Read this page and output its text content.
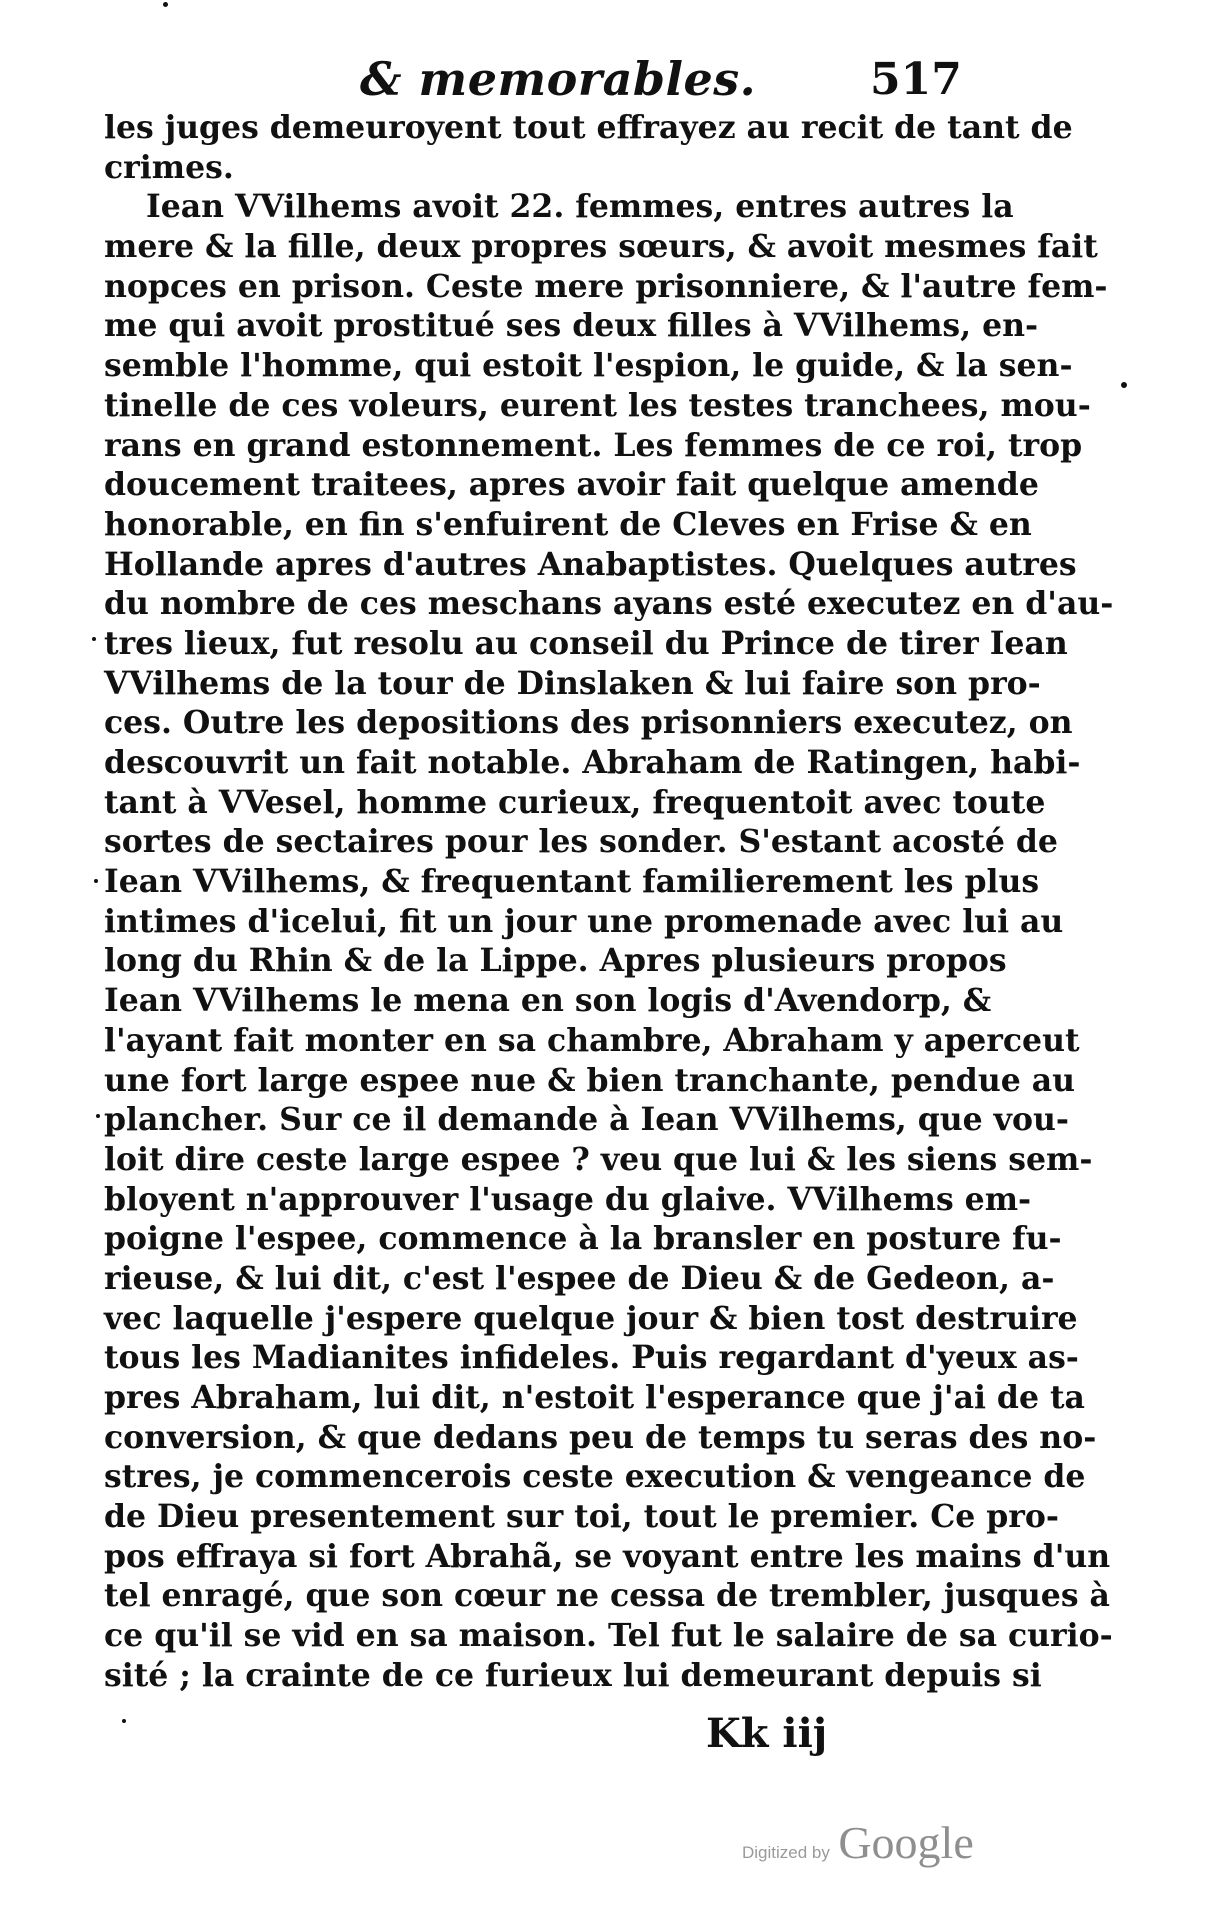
& memorables.	517
les juges demeuroyent tout effrayez au recit de tant de
crimes.
Iean VVilhems avoit 22. femmes, entres autres la
mere & la fille, deux propres sœurs, & avoit mesmes fait
nopces en prison. Ceste mere prisonniere, & l'autre fem-
me qui avoit prostitué ses deux filles à VVilhems, en-
semble l'homme, qui estoit l'espion, le guide, & la sen-
tinelle de ces voleurs, eurent les testes tranchees, mou-
rans en grand estonnement. Les femmes de ce roi, trop
doucement traitees, apres avoir fait quelque amende
honorable, en fin s'enfuirent de Cleves en Frise & en
Hollande apres d'autres Anabaptistes. Quelques autres
du nombre de ces meschans ayans esté executez en d'au-
tres lieux, fut resolu au conseil du Prince de tirer Iean
VVilhems de la tour de Dinslaken & lui faire son pro-
ces. Outre les depositions des prisonniers executez, on
descouvrit un fait notable. Abraham de Ratingen, habi-
tant à VVesel, homme curieux, frequentoit avec toute
sortes de sectaires pour les sonder. S'estant acosté de
Iean VVilhems, & frequentant familierement les plus
intimes d'icelui, fit un jour une promenade avec lui au
long du Rhin & de la Lippe. Apres plusieurs propos
Iean VVilhems le mena en son logis d'Avendorp, &
l'ayant fait monter en sa chambre, Abraham y aperceut
une fort large espee nue & bien tranchante, pendue au
plancher. Sur ce il demande à Iean VVilhems, que vou-
loit dire ceste large espee ? veu que lui & les siens sem-
bloyent n'approuver l'usage du glaive. VVilhems em-
poigne l'espee, commence à la bransler en posture fu-
rieuse, & lui dit, c'est l'espee de Dieu & de Gedeon, a-
vec laquelle j'espere quelque jour & bien tost destruire
tous les Madianites infideles. Puis regardant d'yeux as-
pres Abraham, lui dit, n'estoit l'esperance que j'ai de ta
conversion, & que dedans peu de temps tu seras des no-
stres, je commencerois ceste execution & vengeance de
de Dieu presentement sur toi, tout le premier. Ce pro-
pos effraya si fort Abrahã, se voyant entre les mains d'un
tel enragé, que son cœur ne cessa de trembler, jusques à
ce qu'il se vid en sa maison. Tel fut le salaire de sa curio-
sité ; la crainte de ce furieux lui demeurant depuis si
Kk iij
Digitized by Google
